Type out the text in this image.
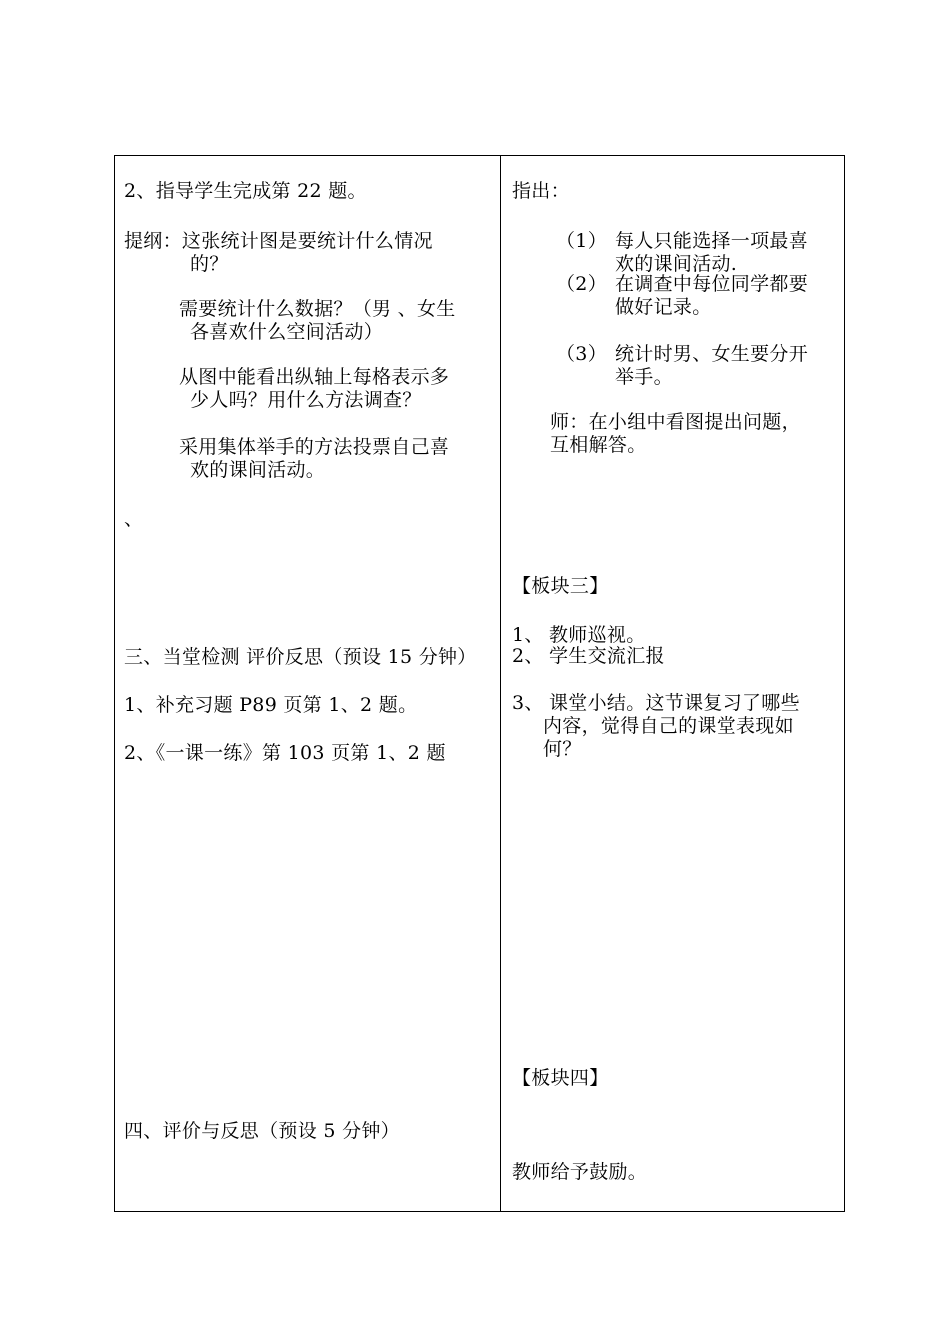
2、指导学生完成第 22 题。
提纲：这张统计图是要统计什么情况
的？
需要统计什么数据？（男 、女生
各喜欢什么空间活动）
从图中能看出纵轴上每格表示多
少人吗？用什么方法调查？
采用集体举手的方法投票自己喜
欢的课间活动。
、
三、当堂检测 评价反思（预设 15 分钟）
1、补充习题 P89 页第 1、2 题。
2、《一课一练》第 103 页第 1、2 题
四、评价与反思（预设 5 分钟）
指出：
（1） 每人只能选择一项最喜
欢的课间活动.
（2） 在调查中每位同学都要
做好记录。
（3） 统计时男、女生要分开
举手。
师：在小组中看图提出问题，
互相解答。
【板块三】
1、 教师巡视。
2、 学生交流汇报
3、 课堂小结。这节课复习了哪些
内容，觉得自己的课堂表现如
何？
【板块四】
教师给予鼓励。
